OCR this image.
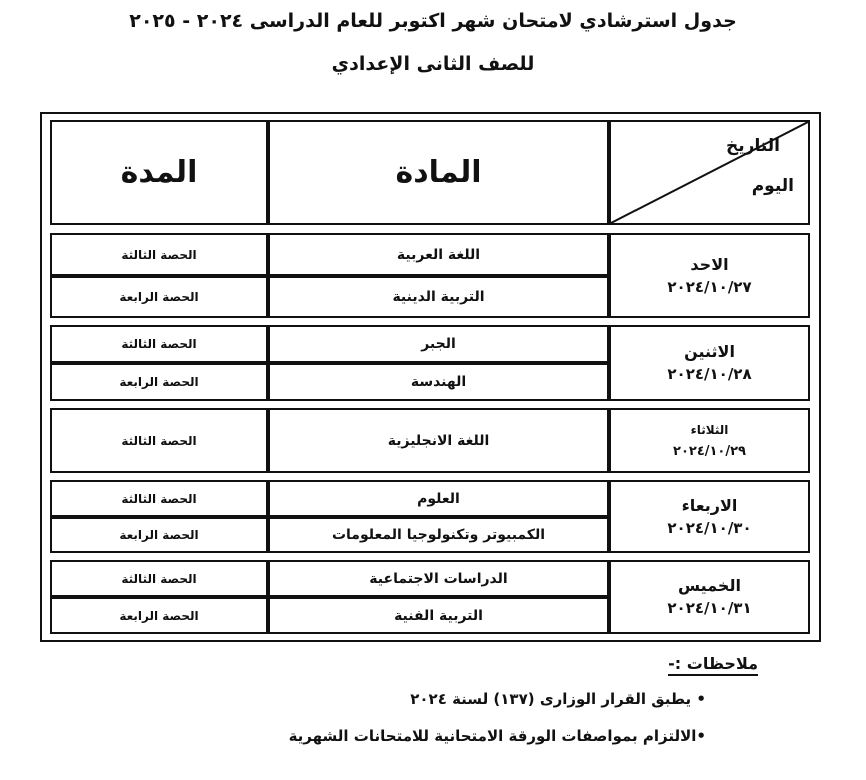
جدول استرشادي لامتحان شهر اكتوبر للعام الدراسى ٢٠٢٤ - ٢٠٢٥
للصف الثانى الإعدادي
التاريخ
اليوم
المادة
المدة
الاحد
٢٠٢٤/١٠/٢٧
اللغة العربية
الحصة الثالثة
التربية الدينية
الحصة الرابعة
الاثنين
٢٠٢٤/١٠/٢٨
الجبر
الحصة الثالثة
الهندسة
الحصة الرابعة
الثلاثاء
٢٠٢٤/١٠/٢٩
اللغة الانجليزية
الحصة الثالثة
الاربعاء
٢٠٢٤/١٠/٣٠
العلوم
الحصة الثالثة
الكمبيوتر وتكنولوجيا المعلومات
الحصة الرابعة
الخميس
٢٠٢٤/١٠/٣١
الدراسات الاجتماعية
الحصة الثالثة
التربية الفنية
الحصة الرابعة
ملاحظات :-
• يطبق القرار الوزارى (١٣٧) لسنة ٢٠٢٤
•الالتزام بمواصفات الورقة الامتحانية للامتحانات الشهرية
